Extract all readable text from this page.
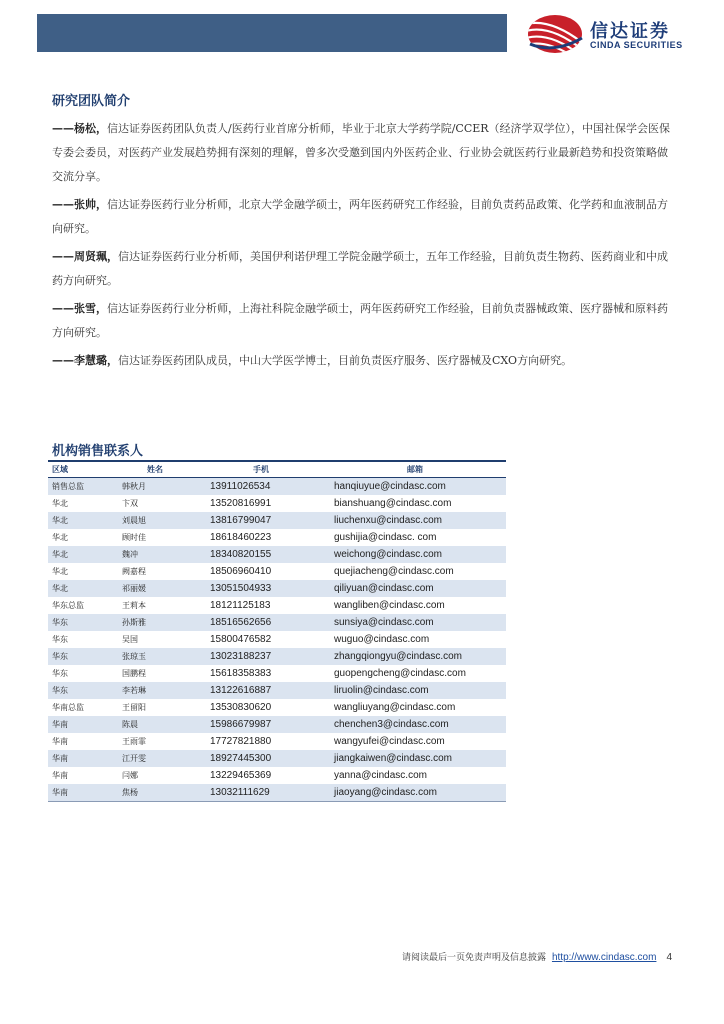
信达证券
CINDA SECURITIES
研究团队简介

——杨松，信达证券医药团队负责人/医药行业首席分析师，毕业于北京大学药学院/CCER（经济学双学位），中国社保学会医保专委会委员，对医药产业发展趋势拥有深刻的理解，曾多次受邀到国内外医药企业、行业协会就医药行业最新趋势和投资策略做交流分享。

——张帅，信达证券医药行业分析师，北京大学金融学硕士，两年医药研究工作经验，目前负责药品政策、化学药和血液制品方向研究。

——周贤珮，信达证券医药行业分析师，美国伊利诺伊理工学院金融学硕士，五年工作经验，目前负责生物药、医药商业和中成药方向研究。

——张雪，信达证券医药行业分析师，上海社科院金融学硕士，两年医药研究工作经验，目前负责器械政策、医疗器械和原料药方向研究。

——李慧璐，信达证券医药团队成员，中山大学医学博士，目前负责医疗服务、医疗器械及CXO方向研究。

机构销售联系人
区域	姓名	手机	邮箱
销售总监	韩秋月	13911026534	hanqiuyue@cindasc.com
华北	卞双	13520816991	bianshuang@cindasc.com
华北	刘晨旭	13816799047	liuchenxu@cindasc.com
华北	顾时佳	18618460223	gushijia@cindasc. com
华北	魏冲	18340820155	weichong@cindasc.com
华北	阙嘉程	18506960410	quejiacheng@cindasc.com
华北	祁丽媛	13051504933	qiliyuan@cindasc.com
华东总监	王莉本	18121125183	wangliben@cindasc.com
华东	孙斯雅	18516562656	sunsiya@cindasc.com
华东	吴国	15800476582	wuguo@cindasc.com
华东	张琼玉	13023188237	zhangqiongyu@cindasc.com
华东	国鹏程	15618358383	guopengcheng@cindasc.com
华东	李若琳	13122616887	liruolin@cindasc.com
华南总监	王留阳	13530830620	wangliuyang@cindasc.com
华南	陈晨	15986679987	chenchen3@cindasc.com
华南	王雨霏	17727821880	wangyufei@cindasc.com
华南	江开雯	18927445300	jiangkaiwen@cindasc.com
华南	闫娜	13229465369	yanna@cindasc.com
华南	焦杨	13032111629	jiaoyang@cindasc.com
请阅读最后一页免责声明及信息披露 http://www.cindasc.com 4
